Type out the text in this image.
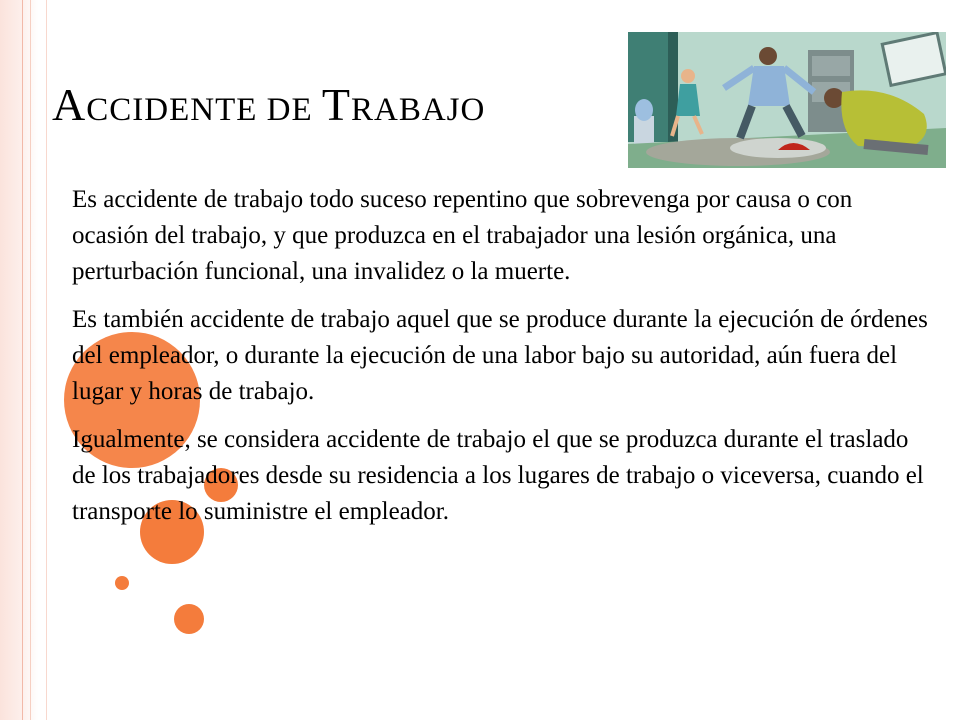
ACCIDENTE DE TRABAJO

Es accidente de trabajo todo suceso repentino que sobrevenga por causa o con ocasión del trabajo, y que produzca en el trabajador una lesión orgánica, una perturbación funcional, una invalidez o la muerte.

Es también accidente de trabajo aquel que se produce durante la ejecución de órdenes del empleador, o durante la ejecución de una labor bajo su autoridad, aún fuera del lugar y horas de trabajo.

Igualmente, se considera accidente de trabajo el que se produzca durante el traslado de los trabajadores desde su residencia a los lugares de trabajo o viceversa, cuando el transporte lo suministre el empleador.
